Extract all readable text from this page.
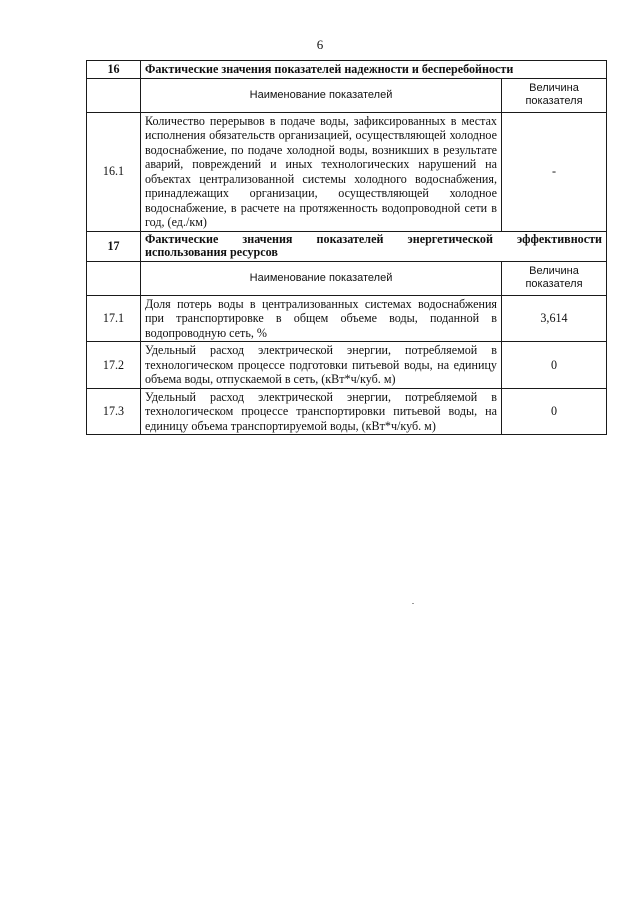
6
16	Фактические значения показателей надежности и бесперебойности	
	Наименование показателей	Величина показателя
16.1	Количество перерывов в подаче воды, зафиксированных в местах исполнения обязательств организацией, осуществляющей холодное водоснабжение, по подаче холодной воды, возникших в результате аварий, повреждений и иных технологических нарушений на объектах централизованной системы холодного водоснабжения, принадлежащих организации, осуществляющей холодное водоснабжение, в расчете на протяженность водопроводной сети в год, (ед./км)	-
17	Фактические значения показателей энергетической эффективности использования ресурсов	
	Наименование показателей	Величина показателя
17.1	Доля потерь воды в централизованных системах водоснабжения при транспортировке в общем объеме воды, поданной в водопроводную сеть, %	3,614
17.2	Удельный расход электрической энергии, потребляемой в технологическом процессе подготовки питьевой воды, на единицу объема воды, отпускаемой в сеть, (кВт*ч/куб. м)	0
17.3	Удельный расход электрической энергии, потребляемой в технологическом процессе транспортировки питьевой воды, на единицу объема транспортируемой воды, (кВт*ч/куб. м)	0
